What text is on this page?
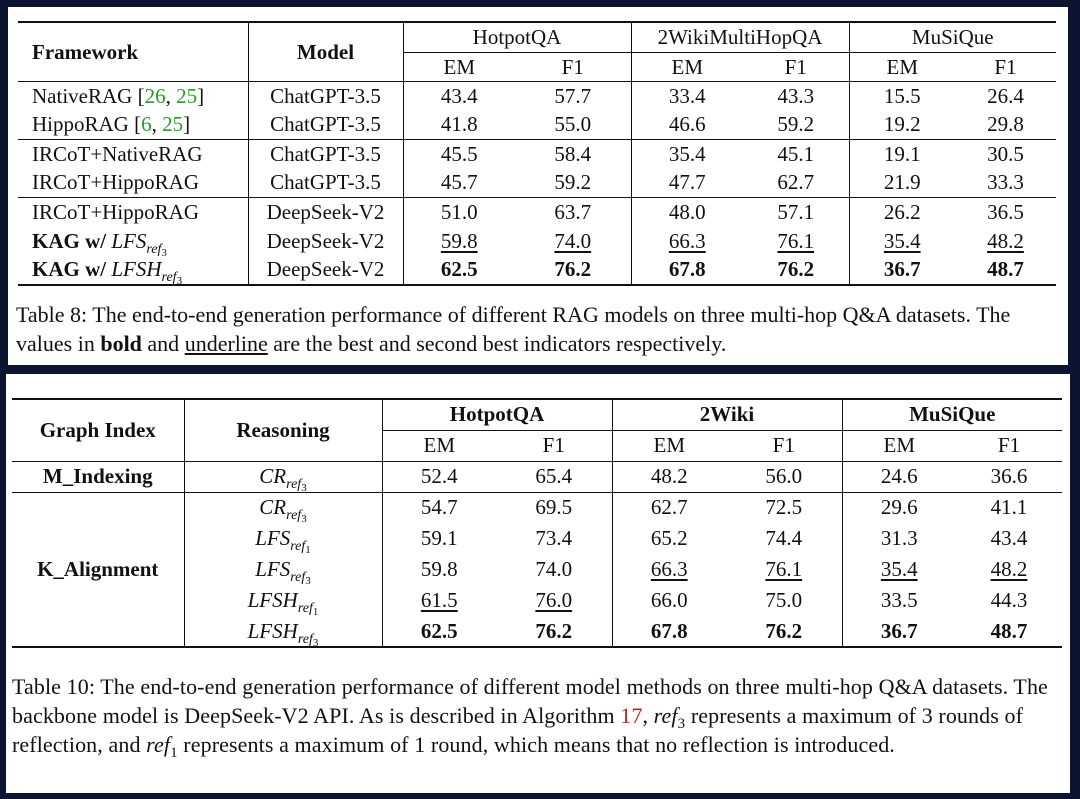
Framework	Model	HotpotQA		2WikiMultiHopQA		MuSiQue	
		EM	F1	EM	F1	EM	F1
NativeRAG [26, 25]	ChatGPT-3.5	43.4	57.7	33.4	43.3	15.5	26.4
HippoRAG [6, 25]	ChatGPT-3.5	41.8	55.0	46.6	59.2	19.2	29.8
IRCoT+NativeRAG	ChatGPT-3.5	45.5	58.4	35.4	45.1	19.1	30.5
IRCoT+HippoRAG	ChatGPT-3.5	45.7	59.2	47.7	62.7	21.9	33.3
IRCoT+HippoRAG	DeepSeek-V2	51.0	63.7	48.0	57.1	26.2	36.5
KAG w/ $LFS_{ref_3}$	DeepSeek-V2	59.8	74.0	66.3	76.1	35.4	48.2
KAG w/ $LFSH_{ref_3}$	DeepSeek-V2	62.5	76.2	67.8	76.2	36.7	48.7
Table 8: The end-to-end generation performance of different RAG models on three multi-hop Q&A datasets. The values in bold and underline are the best and second best indicators respectively.
Graph Index	Reasoning	HotpotQA		2Wiki		MuSiQue	
		EM	F1	EM	F1	EM	F1
M_Indexing	$CR_{ref_3}$	52.4	65.4	48.2	56.0	24.6	36.6
K_Alignment	$CR_{ref_3}$	54.7	69.5	62.7	72.5	29.6	41.1
	$LFS_{ref_1}$	59.1	73.4	65.2	74.4	31.3	43.4
	$LFS_{ref_3}$	59.8	74.0	66.3	76.1	35.4	48.2
	$LFSH_{ref_1}$	61.5	76.0	66.0	75.0	33.5	44.3
	$LFSH_{ref_3}$	62.5	76.2	67.8	76.2	36.7	48.7
Table 10: The end-to-end generation performance of different model methods on three multi-hop Q&A datasets. The backbone model is DeepSeek-V2 API. As is described in Algorithm 17, ref$_3$ represents a maximum of 3 rounds of reflection, and ref$_1$ represents a maximum of 1 round, which means that no reflection is introduced.
